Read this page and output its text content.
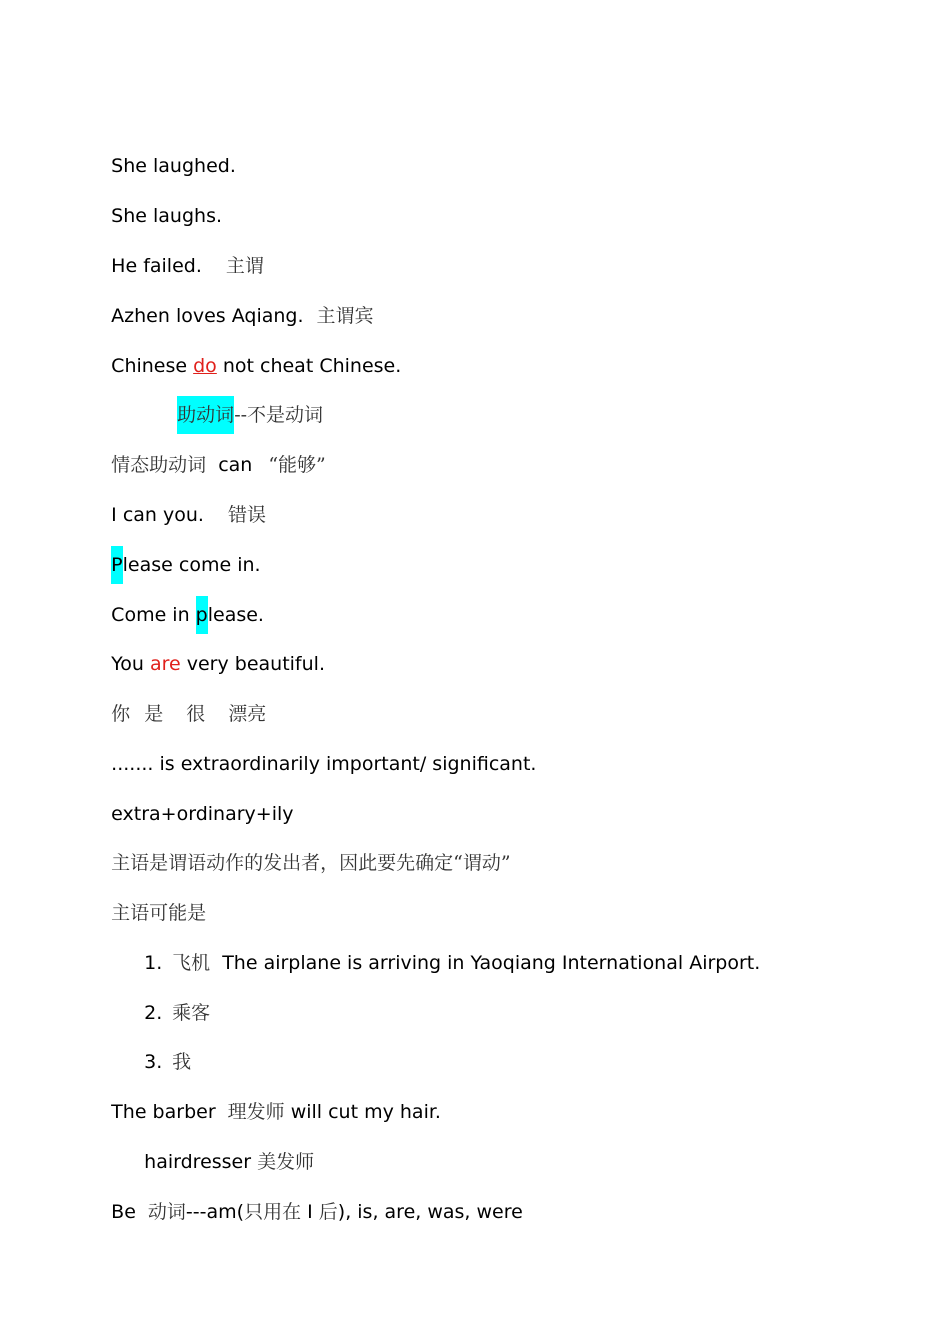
She laughed.

She laughs.

He failed. 主谓

Azhen loves Aqiang. 主谓宾

Chinese do not cheat Chinese.

助动词--不是动词

情态助动词 can “能够”

I can you. 错误

Please come in.

Come in please.

You are very beautiful.

你 是 很 漂亮

....... is extraordinarily important/ significant.

extra+ordinary+ily

主语是谓语动作的发出者，因此要先确定“谓动”

主语可能是

1. 飞机 The airplane is arriving in Yaoqiang International Airport.

2. 乘客

3. 我

The barber 理发师 will cut my hair.

hairdresser 美发师

Be 动词---am(只用在 I 后), is, are, was, were
